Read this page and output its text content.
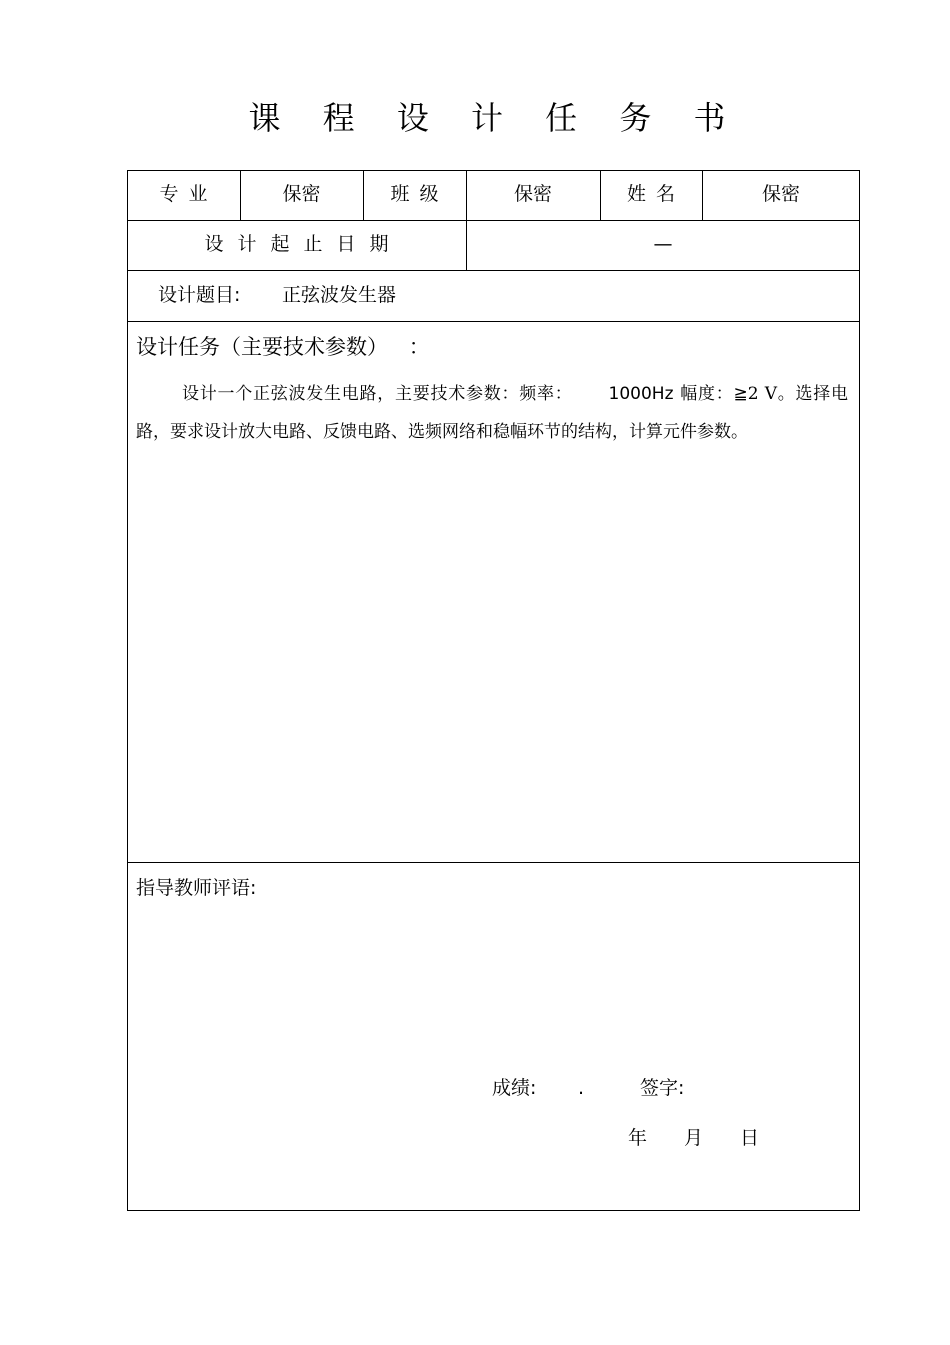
课 程 设 计 任 务 书
专业	保密	班级	保密	姓名	保密
设计起止日期	—
设计题目: 正弦波发生器
设计任务（主要技术参数） ：
设计一个正弦波发生电路，主要技术参数：频率： 1000Hz 幅度：≧2 V。选择电路，要求设计放大电路、反馈电路、选频网络和稳幅环节的结构，计算元件参数。
指导教师评语:
成绩: .	签字:
年 月 日
